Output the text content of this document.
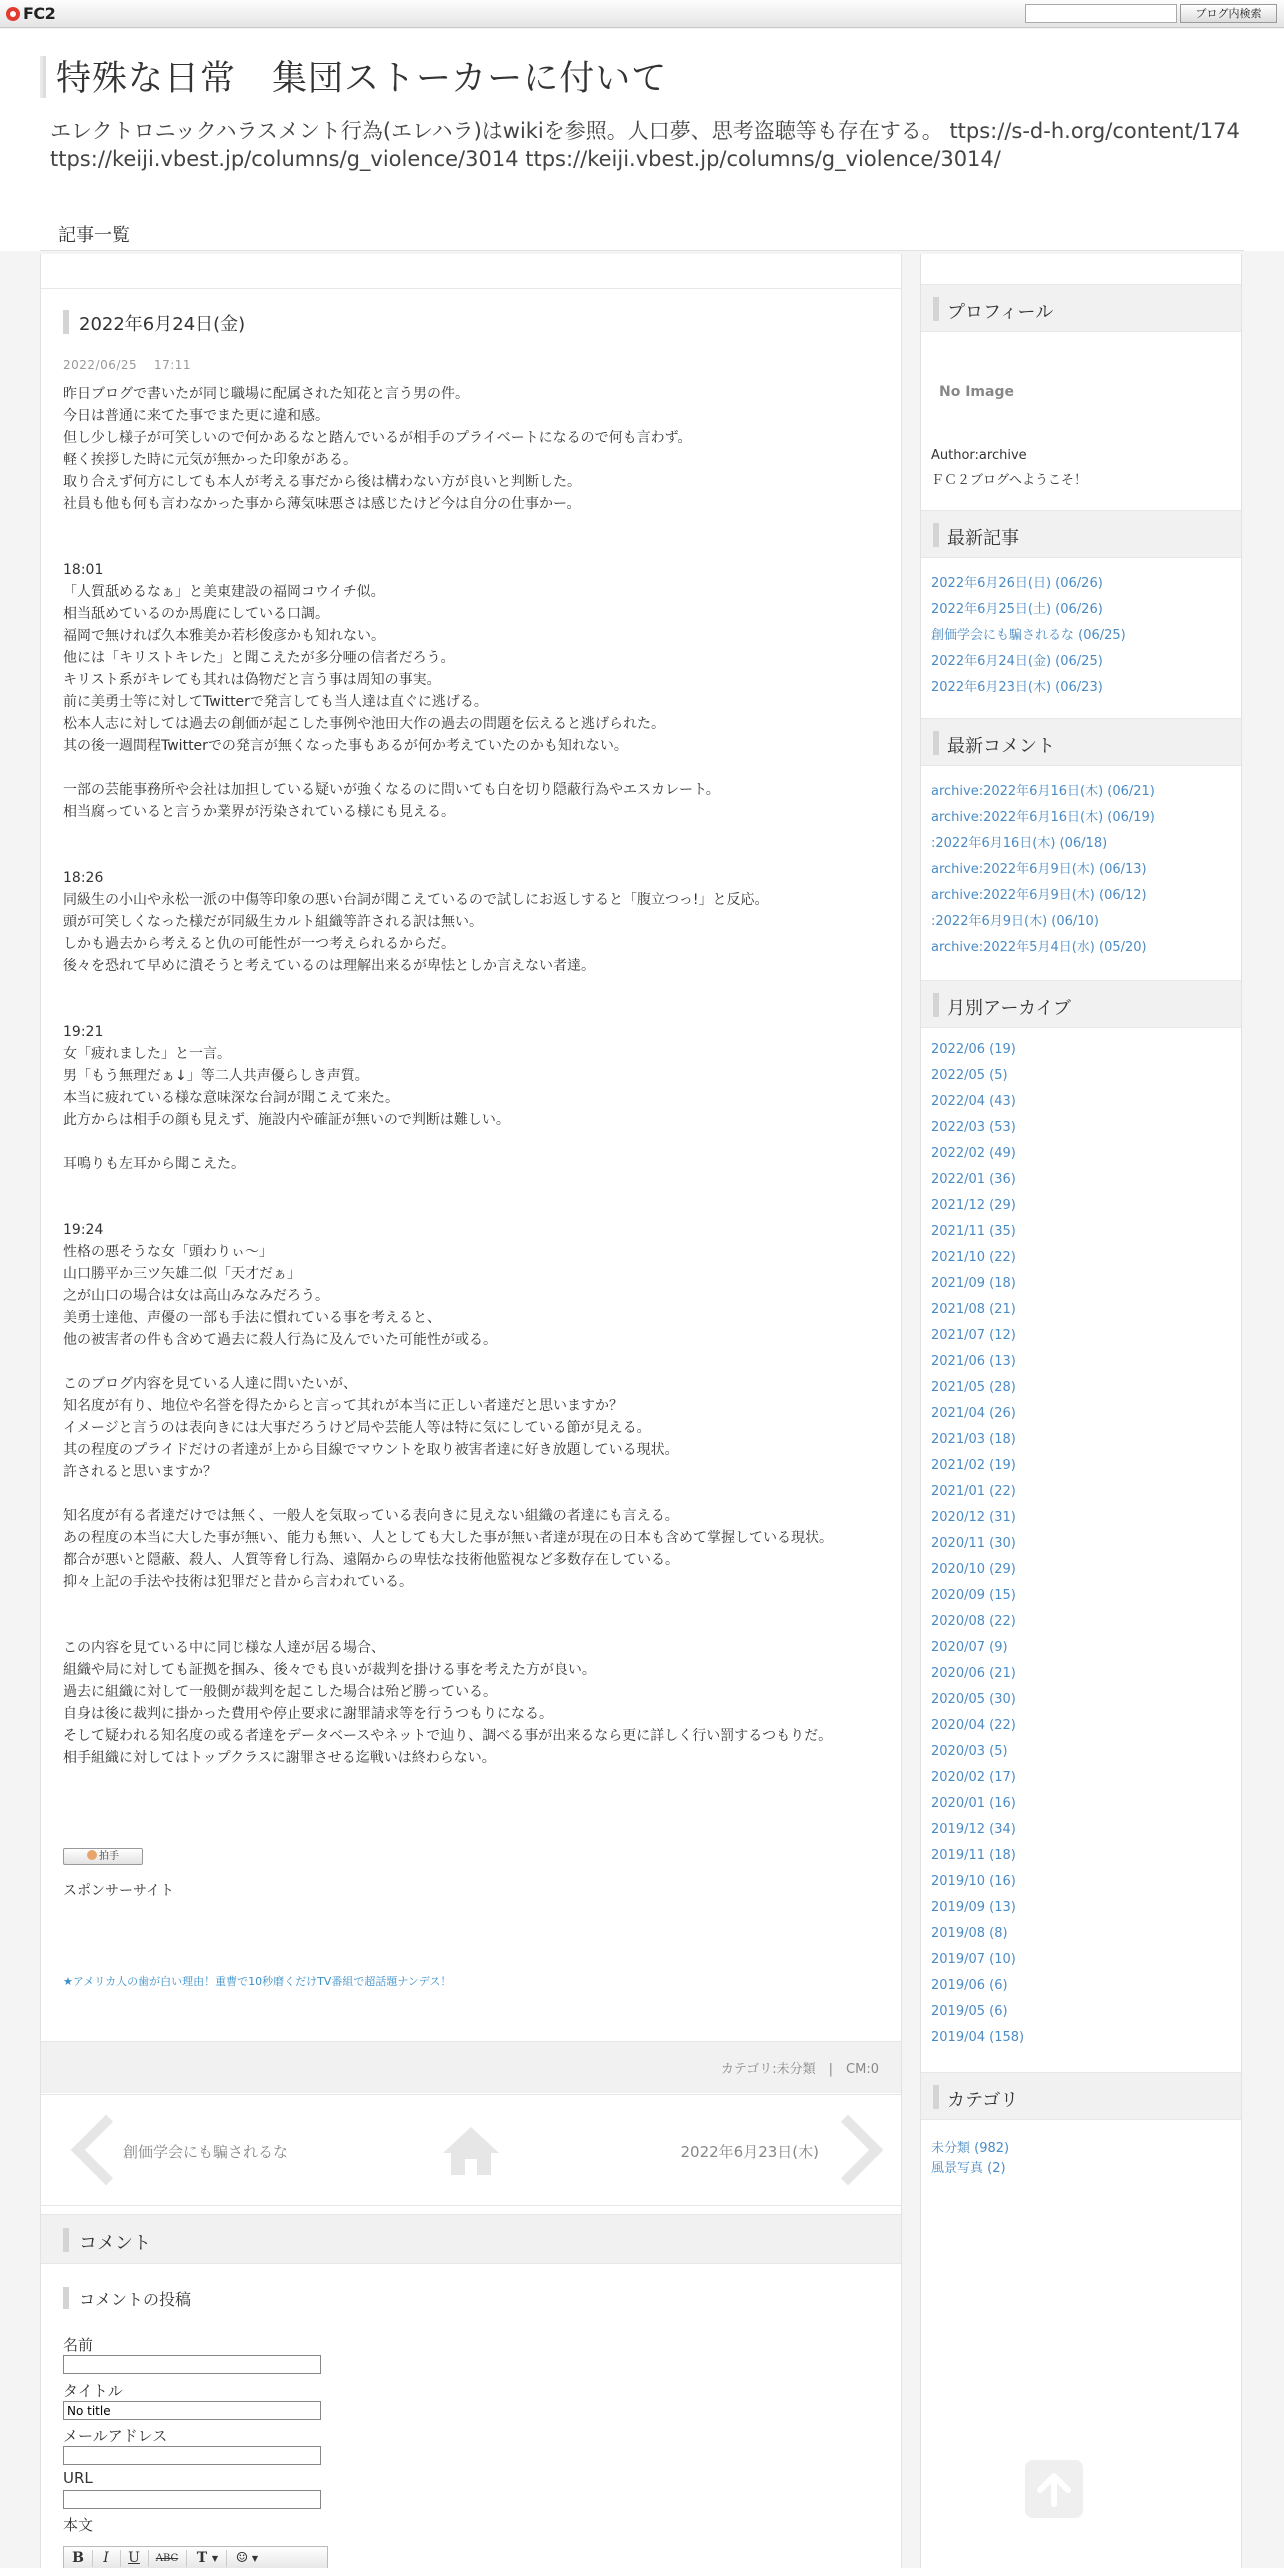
FC2	ブログ内検索
特殊な日常　集団ストーカーに付いて
エレクトロニックハラスメント行為(エレハラ)はwikiを参照。人口夢、思考盗聴等も存在する。 ttps://s-d-h.org/content/174　ttps://keiji.vbest.jp/columns/g_violence/3014 ttps://keiji.vbest.jp/columns/g_violence/3014/
記事一覧
2022年6月24日(金)
2022/06/25　 17:11
昨日ブログで書いたが同じ職場に配属された知花と言う男の件。
今日は普通に来てた事でまた更に違和感。
但し少し様子が可笑しいので何かあるなと踏んでいるが相手のプライベートになるので何も言わず。
軽く挨拶した時に元気が無かった印象がある。
取り合えず何方にしても本人が考える事だから後は構わない方が良いと判断した。
社員も他も何も言わなかった事から薄気味悪さは感じたけど今は自分の仕事かー。
18:01
「人質舐めるなぁ」と美東建設の福岡コウイチ似。
相当舐めているのか馬鹿にしている口調。
福岡で無ければ久本雅美か若杉俊彦かも知れない。
他には「キリストキレた」と聞こえたが多分唖の信者だろう。
キリスト系がキレても其れは偽物だと言う事は周知の事実。
前に美勇士等に対してTwitterで発言しても当人達は直ぐに逃げる。
松本人志に対しては過去の創価が起こした事例や池田大作の過去の問題を伝えると逃げられた。
其の後一週間程Twitterでの発言が無くなった事もあるが何か考えていたのかも知れない。
一部の芸能事務所や会社は加担している疑いが強くなるのに問いても白を切り隠蔽行為やエスカレート。
相当腐っていると言うか業界が汚染されている様にも見える。
18:26
同級生の小山や永松一派の中傷等印象の悪い台詞が聞こえているので試しにお返しすると「腹立つっ!」と反応。
頭が可笑しくなった様だが同級生カルト組織等許される訳は無い。
しかも過去から考えると仇の可能性が一つ考えられるからだ。
後々を恐れて早めに潰そうと考えているのは理解出来るが卑怯としか言えない者達。
19:21
女「疲れました」と一言。
男「もう無理だぁ↓」等二人共声優らしき声質。
本当に疲れている様な意味深な台詞が聞こえて来た。
此方からは相手の顔も見えず、施設内や確証が無いので判断は難しい。
耳鳴りも左耳から聞こえた。
19:24
性格の悪そうな女「頭わりぃ～」
山口勝平か三ツ矢雄二似「天才だぁ」
之が山口の場合は女は高山みなみだろう。
美勇士達他、声優の一部も手法に慣れている事を考えると、
他の被害者の件も含めて過去に殺人行為に及んでいた可能性が或る。
このブログ内容を見ている人達に問いたいが、
知名度が有り、地位や名誉を得たからと言って其れが本当に正しい者達だと思いますか？
イメージと言うのは表向きには大事だろうけど局や芸能人等は特に気にしている節が見える。
其の程度のプライドだけの者達が上から目線でマウントを取り被害者達に好き放題している現状。
許されると思いますか？
知名度が有る者達だけでは無く、一般人を気取っている表向きに見えない組織の者達にも言える。
あの程度の本当に大した事が無い、能力も無い、人としても大した事が無い者達が現在の日本も含めて掌握している現状。
都合が悪いと隠蔽、殺人、人質等脅し行為、遠隔からの卑怯な技術他監視など多数存在している。
抑々上記の手法や技術は犯罪だと昔から言われている。
この内容を見ている中に同じ様な人達が居る場合、
組織や局に対しても証拠を掴み、後々でも良いが裁判を掛ける事を考えた方が良い。
過去に組織に対して一般側が裁判を起こした場合は殆ど勝っている。
自身は後に裁判に掛かった費用や停止要求に謝罪請求等を行うつもりになる。
そして疑われる知名度の或る者達をデータベースやネットで辿り、調べる事が出来るなら更に詳しく行い罰するつもりだ。
相手組織に対してはトップクラスに謝罪させる迄戦いは終わらない。
拍手
スポンサーサイト
★アメリカ人の歯が白い理由！重曹で10秒磨くだけTV番組で超話題ナンデス！
カテゴリ:未分類　|　CM:0
創価学会にも騙されるな	2022年6月23日(木)
コメント
コメントの投稿
名前
タイトル
No title
メールアドレス
URL
本文
B	I	U ABC T ▼ ☺ ▼
プロフィール
No Image
Author:archive
ＦＣ２ブログへようこそ！
最新記事
2022年6月26日(日) (06/26)
2022年6月25日(土) (06/26)
創価学会にも騙されるな (06/25)
2022年6月24日(金) (06/25)
2022年6月23日(木) (06/23)
最新コメント
archive:2022年6月16日(木) (06/21)
archive:2022年6月16日(木) (06/19)
:2022年6月16日(木) (06/18)
archive:2022年6月9日(木) (06/13)
archive:2022年6月9日(木) (06/12)
:2022年6月9日(木) (06/10)
archive:2022年5月4日(水) (05/20)
月別アーカイブ
2022/06 (19)
2022/05 (5)
2022/04 (43)
2022/03 (53)
2022/02 (49)
2022/01 (36)
2021/12 (29)
2021/11 (35)
2021/10 (22)
2021/09 (18)
2021/08 (21)
2021/07 (12)
2021/06 (13)
2021/05 (28)
2021/04 (26)
2021/03 (18)
2021/02 (19)
2021/01 (22)
2020/12 (31)
2020/11 (30)
2020/10 (29)
2020/09 (15)
2020/08 (22)
2020/07 (9)
2020/06 (21)
2020/05 (30)
2020/04 (22)
2020/03 (5)
2020/02 (17)
2020/01 (16)
2019/12 (34)
2019/11 (18)
2019/10 (16)
2019/09 (13)
2019/08 (8)
2019/07 (10)
2019/06 (6)
2019/05 (6)
2019/04 (158)
カテゴリ
未分類 (982)
風景写真 (2)
